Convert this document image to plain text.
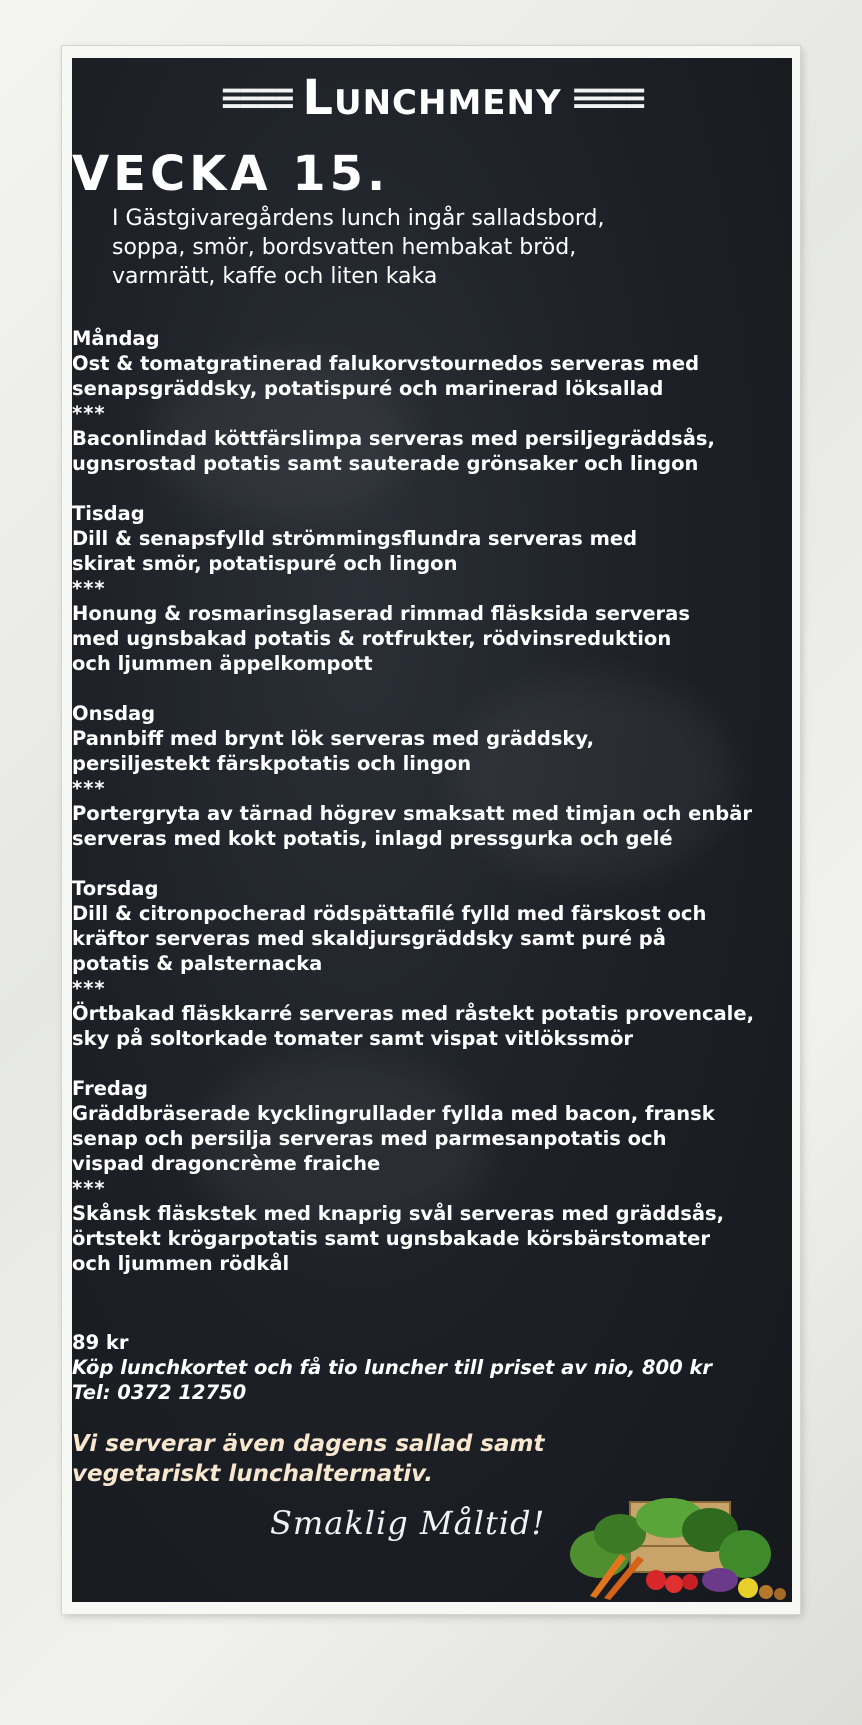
≡≡≡≡ Lunchmeny ≡≡≡≡
VECKA 15.
I Gästgivaregårdens lunch ingår salladsbord,
soppa, smör, bordsvatten hembakat bröd,
varmrätt, kaffe och liten kaka
Måndag
Ost & tomatgratinerad falukorvstournedos serveras med
senapsgräddsky, potatispuré och marinerad löksallad
***
Baconlindad köttfärslimpa serveras med persiljegräddsås,
ugnsrostad potatis samt sauterade grönsaker och lingon
Tisdag
Dill & senapsfylld strömmingsflundra serveras med
skirat smör, potatispuré och lingon
***
Honung & rosmarinsglaserad rimmad fläsksida serveras
med ugnsbakad potatis & rotfrukter, rödvinsreduktion
och ljummen äppelkompott
Onsdag
Pannbiff med brynt lök serveras med gräddsky,
persiljestekt färskpotatis och lingon
***
Portergryta av tärnad högrev smaksatt med timjan och enbär
serveras med kokt potatis, inlagd pressgurka och gelé
Torsdag
Dill & citronpocherad rödspättafilé fylld med färskost och
kräftor serveras med skaldjursgräddsky samt puré på
potatis & palsternacka
***
Örtbakad fläskkarré serveras med råstekt potatis provencale,
sky på soltorkade tomater samt vispat vitlökssmör
Fredag
Gräddbräserade kycklingrullader fyllda med bacon, fransk
senap och persilja serveras med parmesanpotatis och
vispad dragoncrème fraiche
***
Skånsk fläskstek med knaprig svål serveras med gräddsås,
örtstekt krögarpotatis samt ugnsbakade körsbärstomater
och ljummen rödkål
89 kr
Köp lunchkortet och få tio luncher till priset av nio, 800 kr
Tel: 0372 12750
Vi serverar även dagens sallad samt
vegetariskt lunchalternativ.
Smaklig Måltid!
